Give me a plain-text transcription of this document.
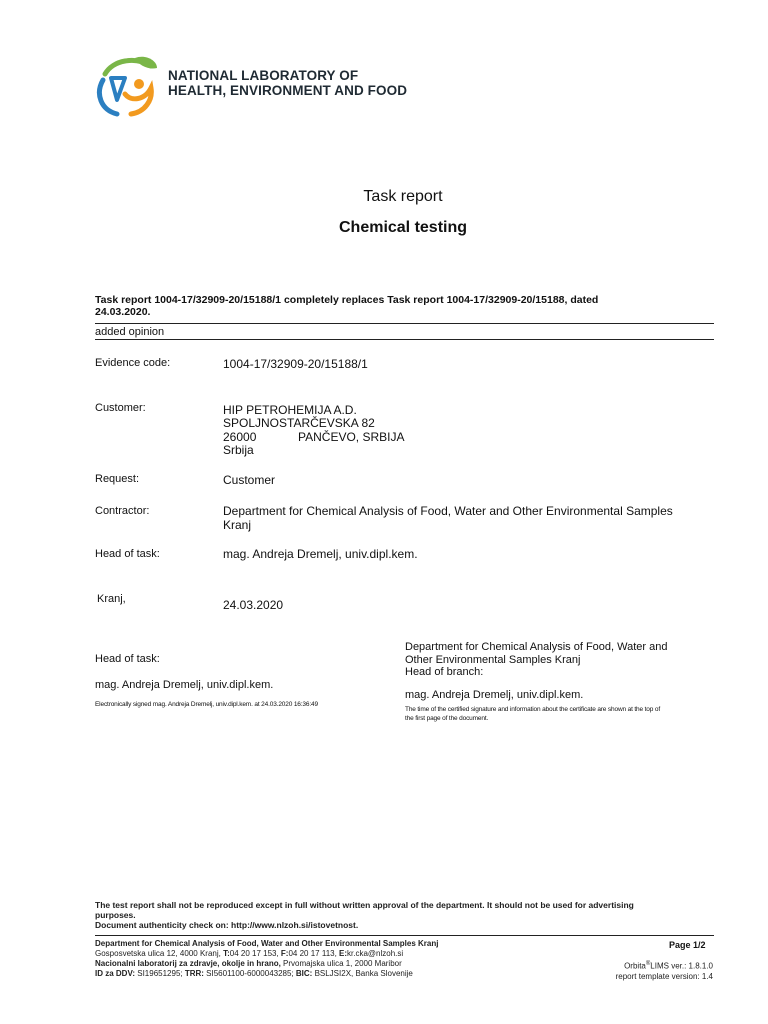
NATIONAL LABORATORY OF
HEALTH, ENVIRONMENT AND FOOD
Task report
Chemical testing
Task report 1004-17/32909-20/15188/1 completely replaces Task report 1004-17/32909-20/15188, dated 24.03.2020.
added opinion
Evidence code:	1004-17/32909-20/15188/1
Customer:	HIP PETROHEMIJA A.D.
SPOLJNOSTARČEVSKA 82
26000	PANČEVO, SRBIJA
Srbija
Request:	Customer
Contractor:	Department for Chemical Analysis of Food, Water and Other Environmental Samples
Kranj
Head of task:	mag. Andreja Dremelj, univ.dipl.kem.
Kranj,	24.03.2020
Head of task:
mag. Andreja Dremelj, univ.dipl.kem.
Electronically signed mag. Andreja Dremelj, univ.dipl.kem. at 24.03.2020 16:36:49
Department for Chemical Analysis of Food, Water and
Other Environmental Samples Kranj
Head of branch:
mag. Andreja Dremelj, univ.dipl.kem.
The time of the certified signature and information about the certificate are shown at the top of
the first page of the document.
The test report shall not be reproduced except in full without written approval of the department. It should not be used for advertising
purposes.
Document authenticity check on: http://www.nlzoh.si/istovetnost.
Department for Chemical Analysis of Food, Water and Other Environmental Samples Kranj
Gosposvetska ulica 12, 4000 Kranj, T:04 20 17 153, F:04 20 17 113, E:kr.cka@nlzoh.si
Nacionalni laboratorij za zdravje, okolje in hrano, Prvomajska ulica 1, 2000 Maribor
ID za DDV: SI19651295; TRR: SI5601100-6000043285; BIC: BSLJSI2X, Banka Slovenije
Page 1/2
Orbita®LIMS ver.: 1.8.1.0
report template version: 1.4
